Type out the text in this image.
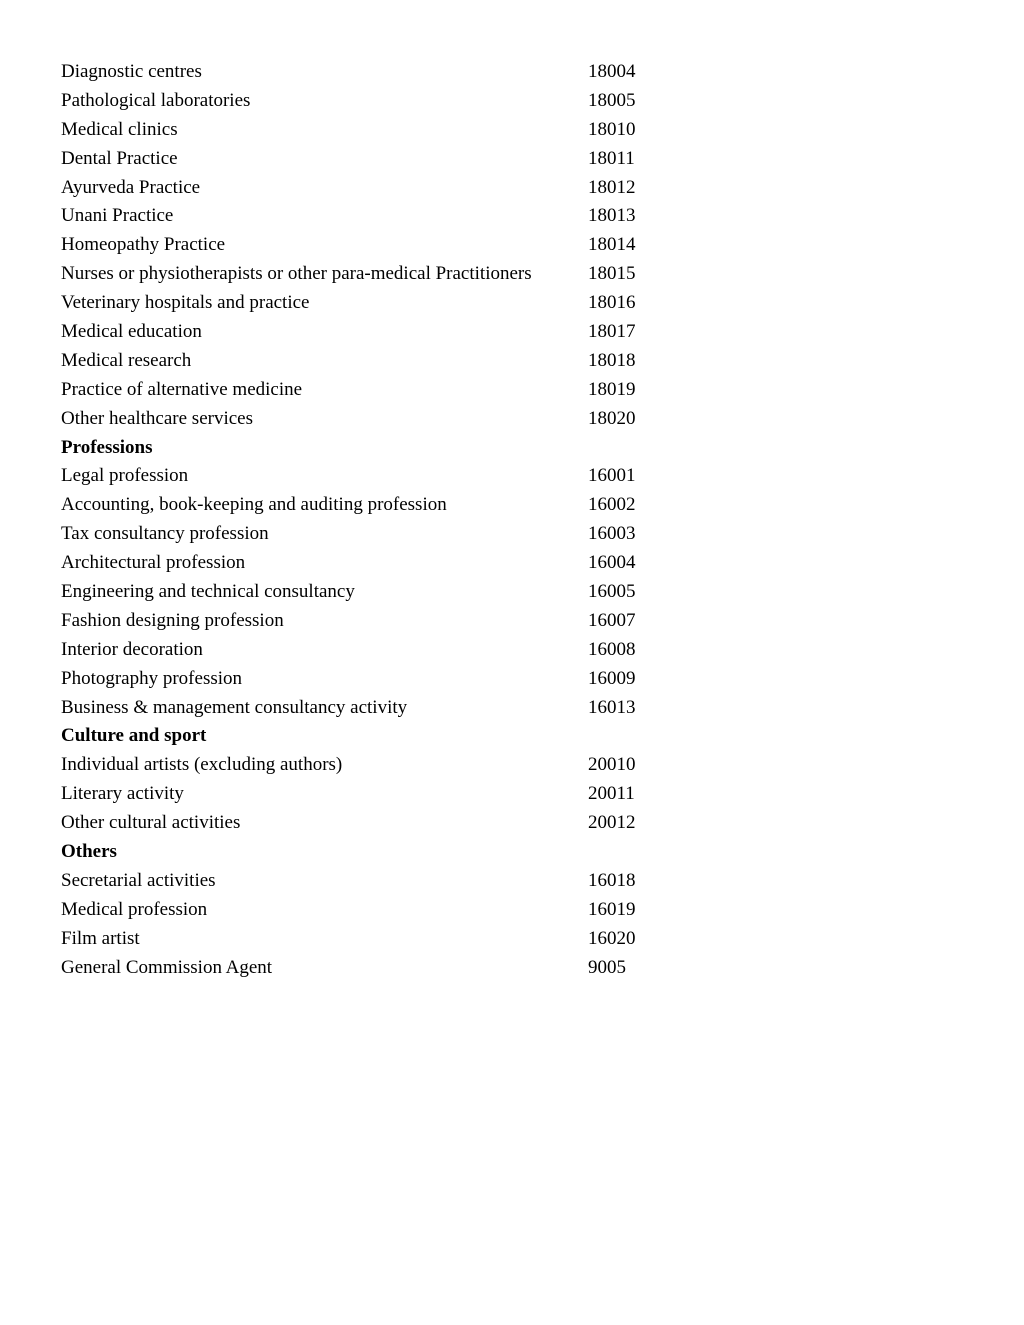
Diagnostic centres	18004
Pathological laboratories	18005
Medical clinics	18010
Dental Practice	18011
Ayurveda Practice	18012
Unani Practice	18013
Homeopathy Practice	18014
Nurses or physiotherapists or other para-medical Practitioners	18015
Veterinary hospitals and practice	18016
Medical education	18017
Medical research	18018
Practice of alternative medicine	18019
Other healthcare services	18020
Professions
Legal profession	16001
Accounting, book-keeping and auditing profession	16002
Tax consultancy profession	16003
Architectural profession	16004
Engineering and technical consultancy	16005
Fashion designing profession	16007
Interior decoration	16008
Photography profession	16009
Business & management consultancy activity	16013
Culture and sport
Individual artists (excluding authors)	20010
Literary activity	20011
Other cultural activities	20012
Others
Secretarial activities	16018
Medical profession	16019
Film artist	16020
General Commission Agent	9005
